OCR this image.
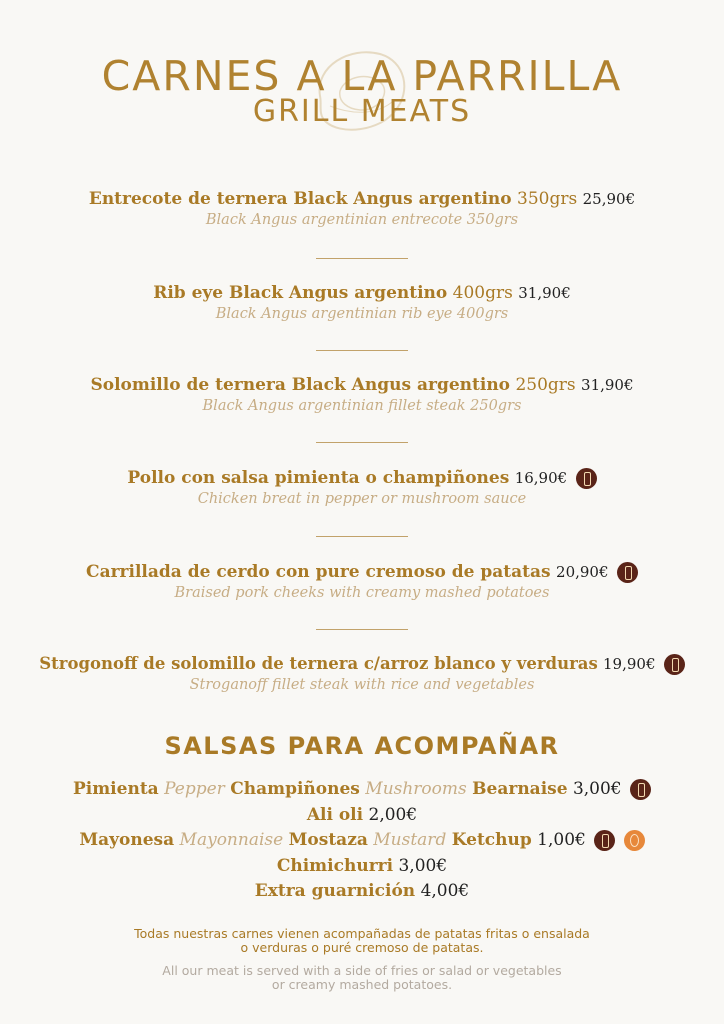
CARNES A LA PARRILLA
GRILL MEATS
Entrecote de ternera Black Angus argentino 350grs 25,90€
Black Angus argentinian entrecote 350grs
Rib eye Black Angus argentino 400grs 31,90€
Black Angus argentinian rib eye 400grs
Solomillo de ternera Black Angus argentino 250grs 31,90€
Black Angus argentinian fillet steak 250grs
Pollo con salsa pimienta o champiñones 16,90€
Chicken breat in pepper or mushroom sauce
Carrillada de cerdo con pure cremoso de patatas 20,90€
Braised pork cheeks with creamy mashed potatoes
Strogonoff de solomillo de ternera c/arroz blanco y verduras 19,90€
Stroganoff fillet steak with rice and vegetables
SALSAS PARA ACOMPAÑAR
Pimienta Pepper Champiñones Mushrooms Bearnaise 3,00€
Ali oli 2,00€
Mayonesa Mayonnaise Mostaza Mustard Ketchup 1,00€
Chimichurri 3,00€
Extra guarnición 4,00€
Todas nuestras carnes vienen acompañadas de patatas fritas o ensalada
o verduras o puré cremoso de patatas.
All our meat is served with a side of fries or salad or vegetables
or creamy mashed potatoes.
